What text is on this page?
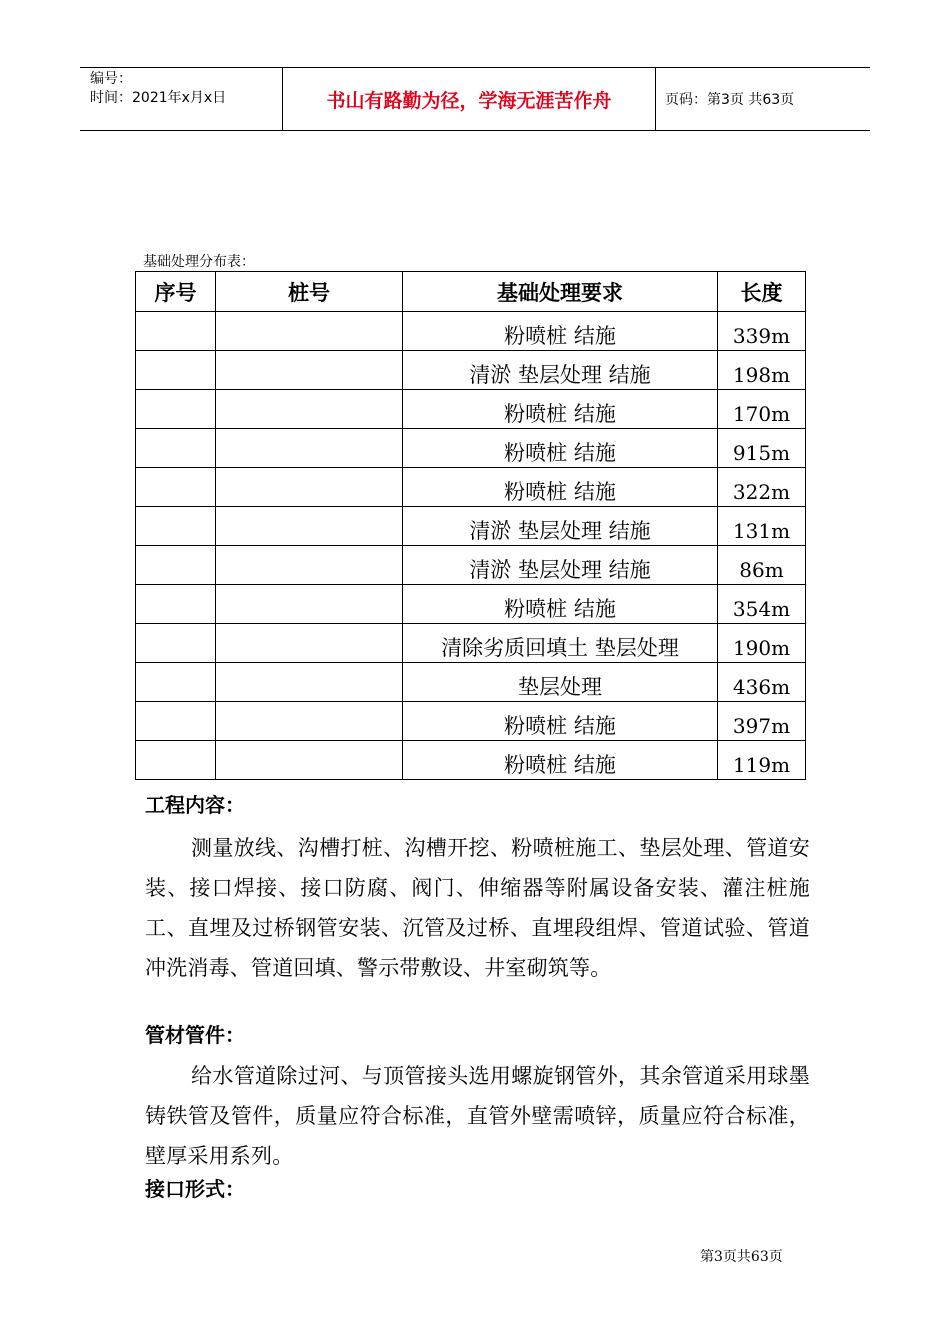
编号：
时间：2021年x月x日	书山有路勤为径，学海无涯苦作舟	页码：第3页 共63页
基础处理分布表：
序号	桩号	基础处理要求	长度
		粉喷桩 结施	339m
		清淤 垫层处理 结施	198m
		粉喷桩 结施	170m
		粉喷桩 结施	915m
		粉喷桩 结施	322m
		清淤 垫层处理 结施	131m
		清淤 垫层处理 结施	86m
		粉喷桩 结施	354m
		清除劣质回填土 垫层处理	190m
		垫层处理	436m
		粉喷桩 结施	397m
		粉喷桩 结施	119m

工程内容：

测量放线、沟槽打桩、沟槽开挖、粉喷桩施工、垫层处理、管道安装、接口焊接、接口防腐、阀门、伸缩器等附属设备安装、灌注桩施工、直埋及过桥钢管安装、沉管及过桥、直埋段组焊、管道试验、管道冲洗消毒、管道回填、警示带敷设、井室砌筑等。

管材管件：

给水管道除过河、与顶管接头选用螺旋钢管外，其余管道采用球墨铸铁管及管件，质量应符合标准，直管外壁需喷锌，质量应符合标准，壁厚采用系列。

接口形式：

第3页共63页
